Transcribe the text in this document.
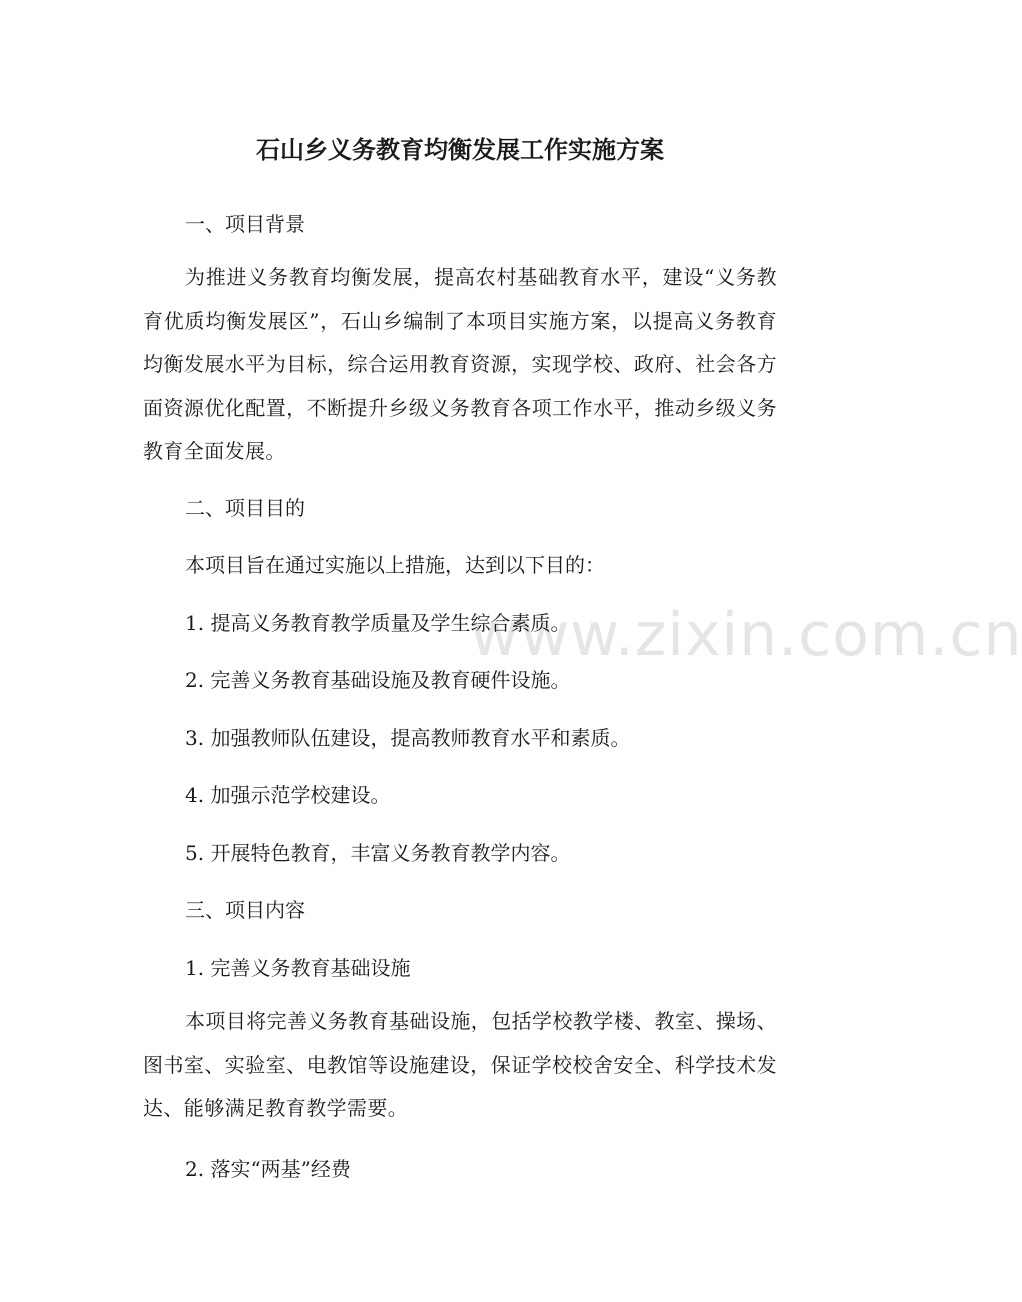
www.zixin.com.cn
石山乡义务教育均衡发展工作实施方案

一、项目背景

为推进义务教育均衡发展，提高农村基础教育水平，建设“义务教育优质均衡发展区”，石山乡编制了本项目实施方案，以提高义务教育均衡发展水平为目标，综合运用教育资源，实现学校、政府、社会各方面资源优化配置，不断提升乡级义务教育各项工作水平，推动乡级义务教育全面发展。

二、项目目的

本项目旨在通过实施以上措施，达到以下目的：

1. 提高义务教育教学质量及学生综合素质。

2. 完善义务教育基础设施及教育硬件设施。

3. 加强教师队伍建设，提高教师教育水平和素质。

4. 加强示范学校建设。

5. 开展特色教育，丰富义务教育教学内容。

三、项目内容

1. 完善义务教育基础设施

本项目将完善义务教育基础设施，包括学校教学楼、教室、操场、图书室、实验室、电教馆等设施建设，保证学校校舍安全、科学技术发达、能够满足教育教学需要。

2. 落实“两基”经费
